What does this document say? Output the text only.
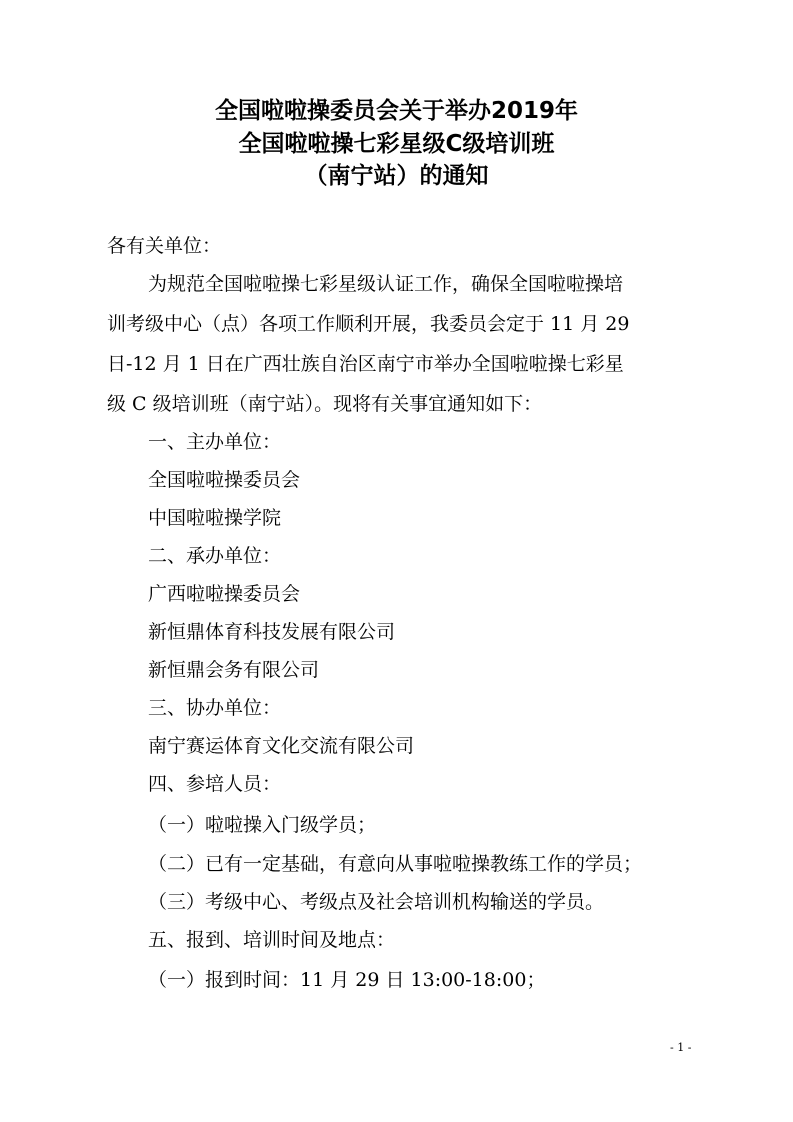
全国啦啦操委员会关于举办2019年
全国啦啦操七彩星级C级培训班
（南宁站）的通知
各有关单位：
为规范全国啦啦操七彩星级认证工作，确保全国啦啦操培
训考级中心（点）各项工作顺利开展，我委员会定于 11 月 29
日-12 月 1 日在广西壮族自治区南宁市举办全国啦啦操七彩星
级 C 级培训班（南宁站）。现将有关事宜通知如下：
一、主办单位：
全国啦啦操委员会
中国啦啦操学院
二、承办单位：
广西啦啦操委员会
新恒鼎体育科技发展有限公司
新恒鼎会务有限公司
三、协办单位：
南宁赛运体育文化交流有限公司
四、参培人员：
（一）啦啦操入门级学员；
（二）已有一定基础，有意向从事啦啦操教练工作的学员；
（三）考级中心、考级点及社会培训机构输送的学员。
五、报到、培训时间及地点：
（一）报到时间：11 月 29 日 13:00-18:00；
- 1 -
